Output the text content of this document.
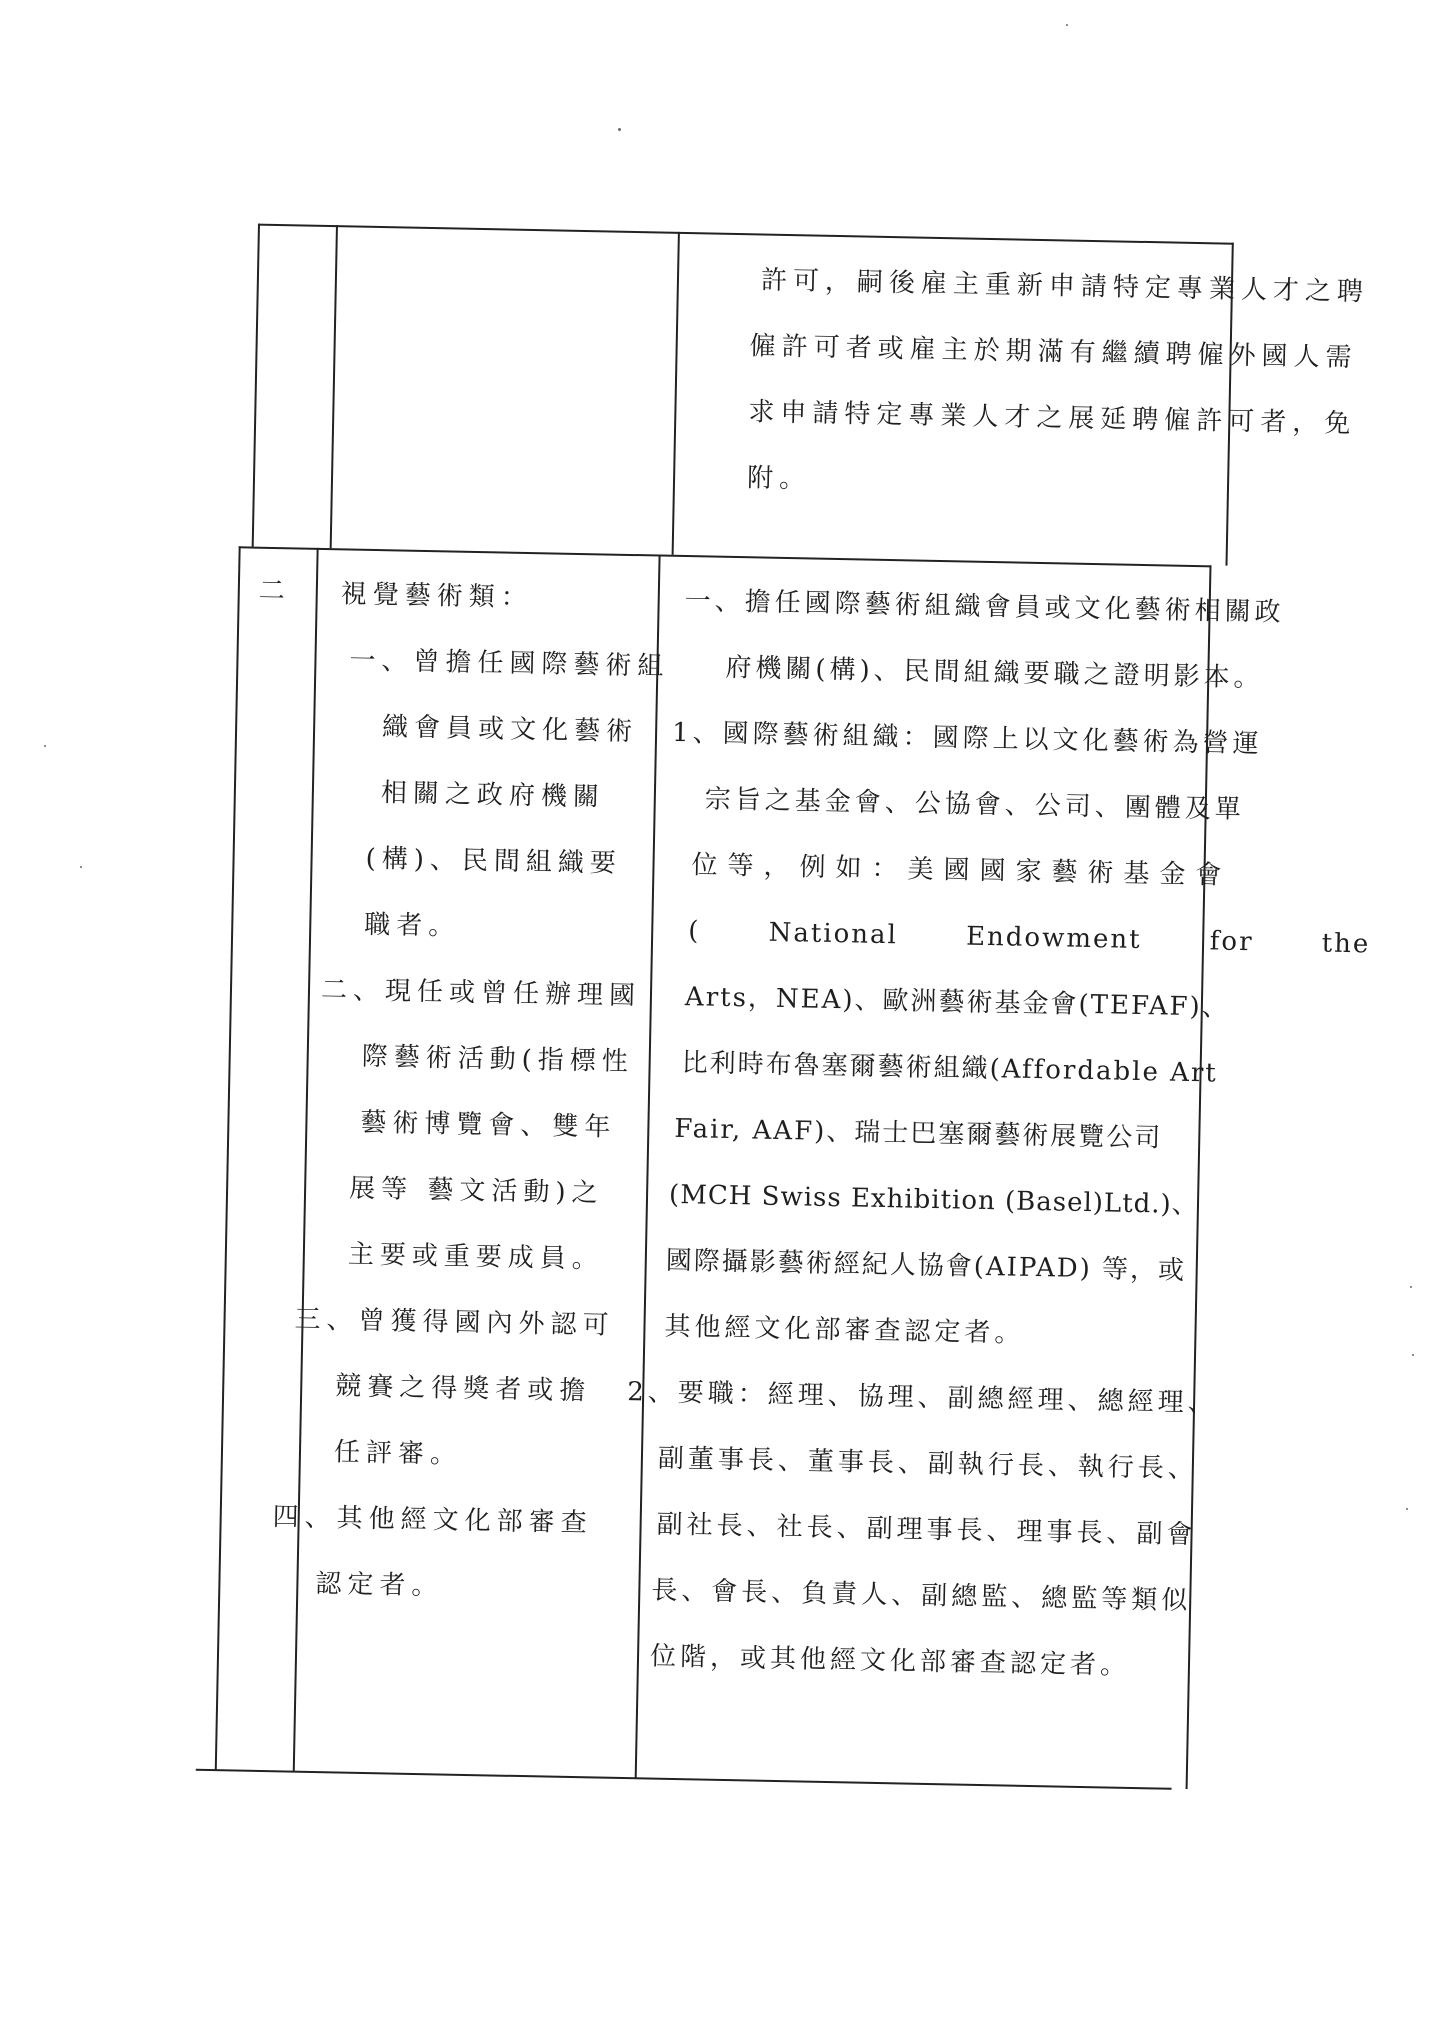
許可，嗣後雇主重新申請特定專業人才之聘
僱許可者或雇主於期滿有繼續聘僱外國人需
求申請特定專業人才之展延聘僱許可者，免
附。
二 視覺藝術類：
一、曾擔任國際藝術組
織會員或文化藝術
相關之政府機關
(構)、民間組織要
職者。
二、現任或曾任辦理國
際藝術活動(指標性
藝術博覽會、雙年
展等 藝文活動)之
主要或重要成員。
三、曾獲得國內外認可
競賽之得獎者或擔
任評審。
四、其他經文化部審查
認定者。
一、擔任國際藝術組織會員或文化藝術相關政
府機關(構)、民間組織要職之證明影本。
1、國際藝術組織：國際上以文化藝術為營運
宗旨之基金會、公協會、公司、團體及單
位等，例如：美國國家藝術基金會
( National Endowment for the
Arts，NEA)、歐洲藝術基金會(TEFAF)、
比利時布魯塞爾藝術組織(Affordable Art
Fair, AAF)、瑞士巴塞爾藝術展覽公司
(MCH Swiss Exhibition (Basel)Ltd.)、
國際攝影藝術經紀人協會(AIPAD) 等，或
其他經文化部審查認定者。
2、要職：經理、協理、副總經理、總經理、
副董事長、董事長、副執行長、執行長、
副社長、社長、副理事長、理事長、副會
長、會長、負責人、副總監、總監等類似
位階，或其他經文化部審查認定者。
